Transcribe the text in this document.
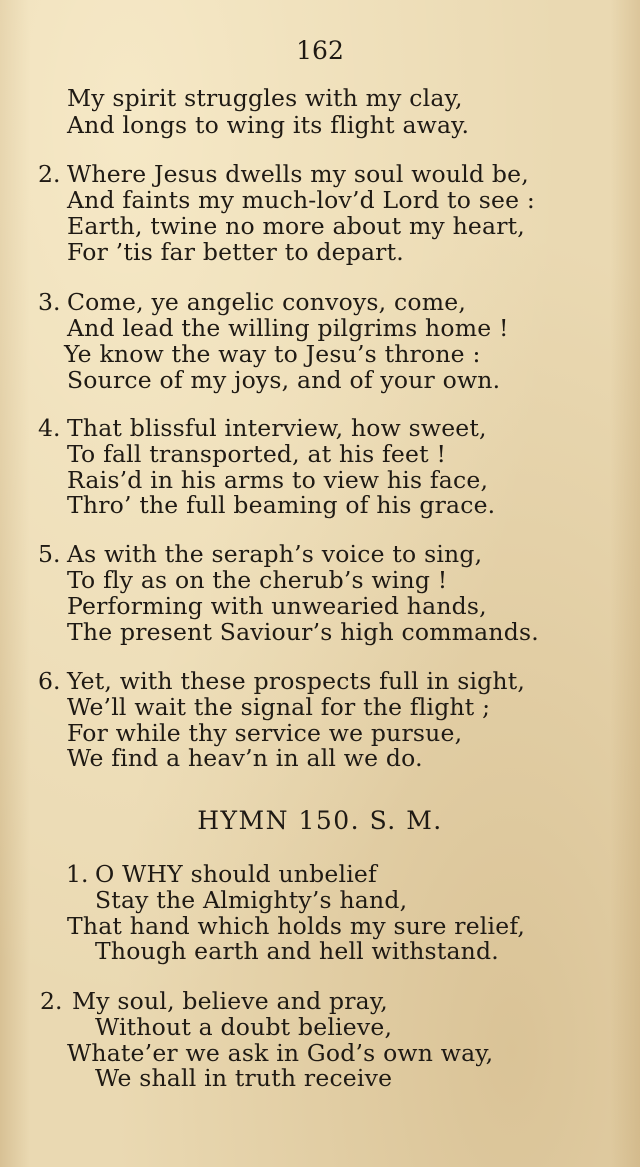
162
My spirit struggles with my clay,
And longs to wing its flight away.
2. Where Jesus dwells my soul would be,
And faints my much-lov’d Lord to see :
Earth, twine no more about my heart,
For ’tis far better to depart.
3. Come, ye angelic convoys, come,
And lead the willing pilgrims home !
Ye know the way to Jesu’s throne :
Source of my joys, and of your own.
4. That blissful interview, how sweet,
To fall transported, at his feet !
Rais’d in his arms to view his face,
Thro’ the full beaming of his grace.
5. As with the seraph’s voice to sing,
To fly as on the cherub’s wing !
Performing with unwearied hands,
The present Saviour’s high commands.
6. Yet, with these prospects full in sight,
We’ll wait the signal for the flight ;
For while thy service we pursue,
We find a heav’n in all we do.
HYMN 150. S. M.
1. O WHY should unbelief
Stay the Almighty’s hand,
That hand which holds my sure relief,
Though earth and hell withstand.
2. My soul, believe and pray,
Without a doubt believe,
Whate’er we ask in God’s own way,
We shall in truth receive
